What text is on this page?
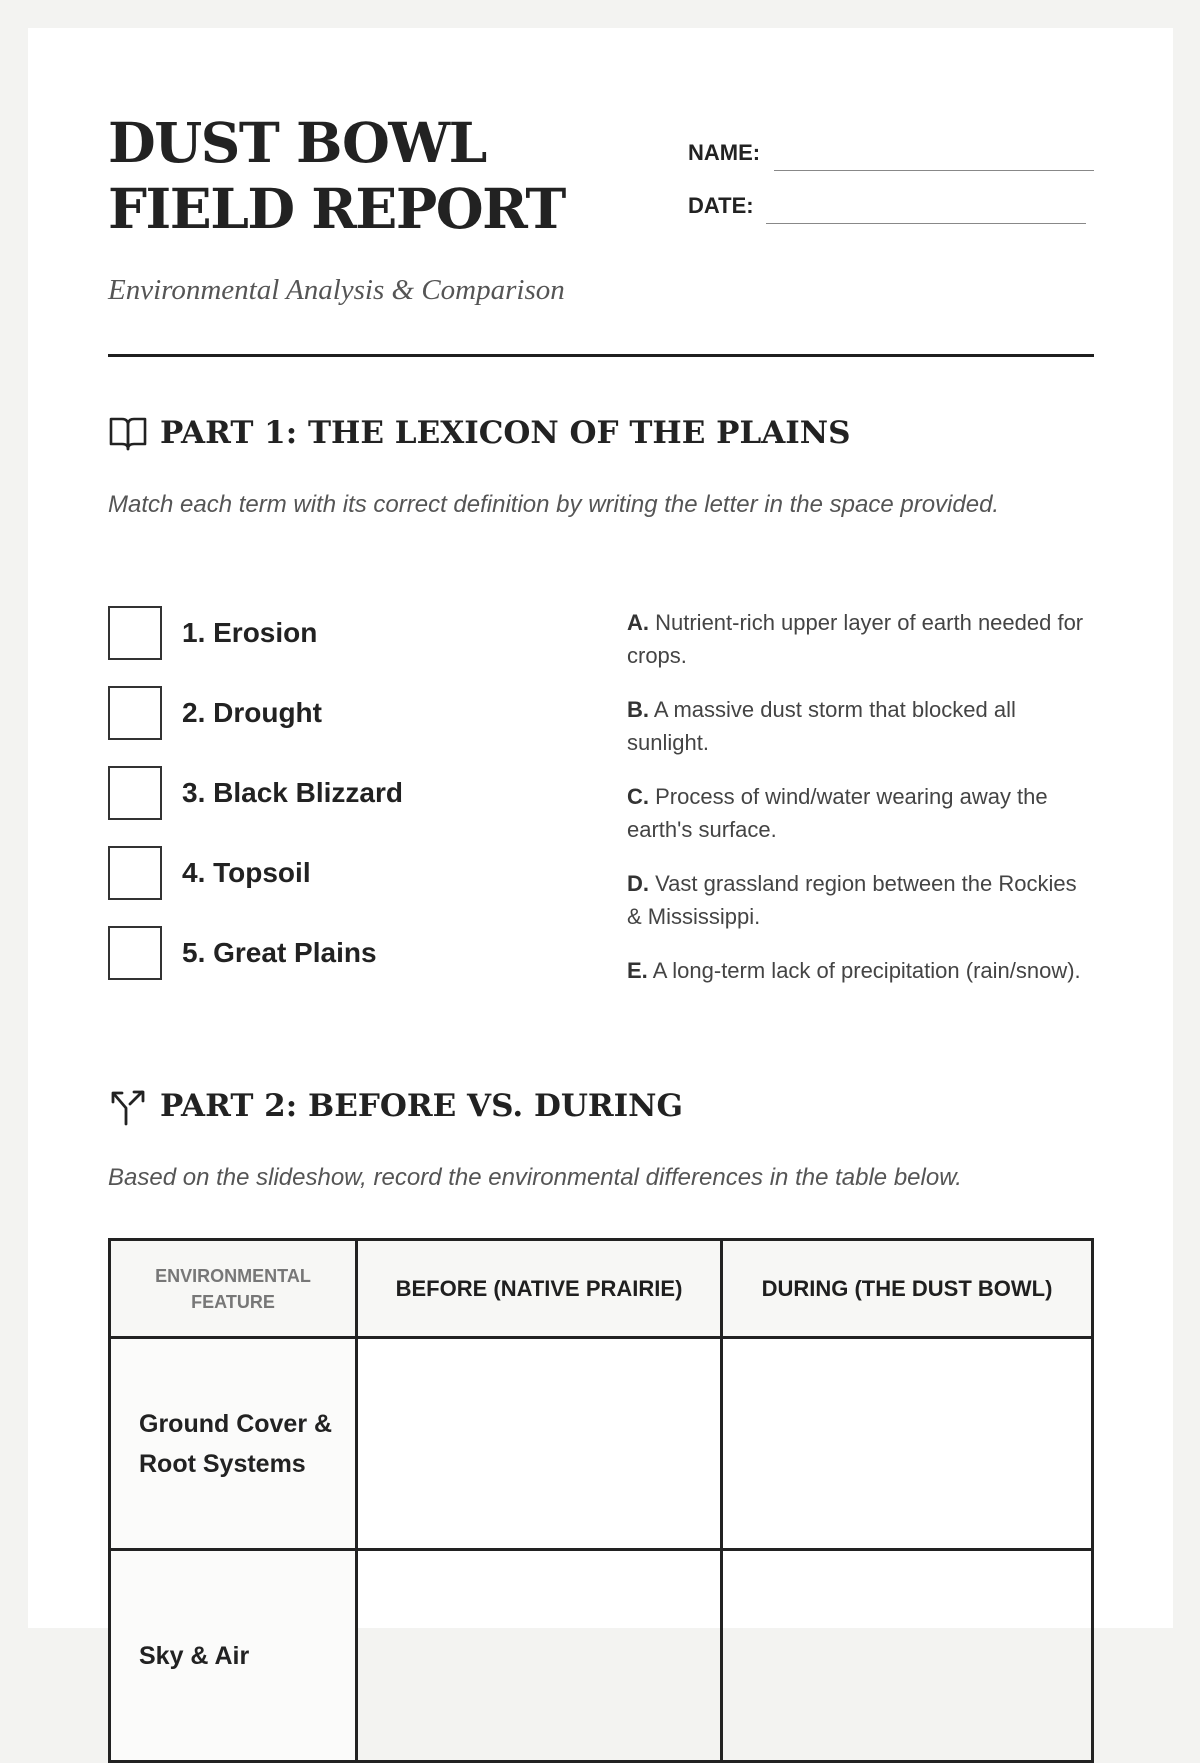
DUST BOWL FIELD REPORT
Environmental Analysis & Comparison
NAME:
DATE:
PART 1: THE LEXICON OF THE PLAINS
Match each term with its correct definition by writing the letter in the space provided.
1. Erosion
2. Drought
3. Black Blizzard
4. Topsoil
5. Great Plains
A. Nutrient-rich upper layer of earth needed for crops.
B. A massive dust storm that blocked all sunlight.
C. Process of wind/water wearing away the earth's surface.
D. Vast grassland region between the Rockies & Mississippi.
E. A long-term lack of precipitation (rain/snow).
PART 2: BEFORE VS. DURING
Based on the slideshow, record the environmental differences in the table below.
ENVIRONMENTAL FEATURE	BEFORE (NATIVE PRAIRIE)	DURING (THE DUST BOWL)

Ground Cover & Root Systems		

Sky & Air		
